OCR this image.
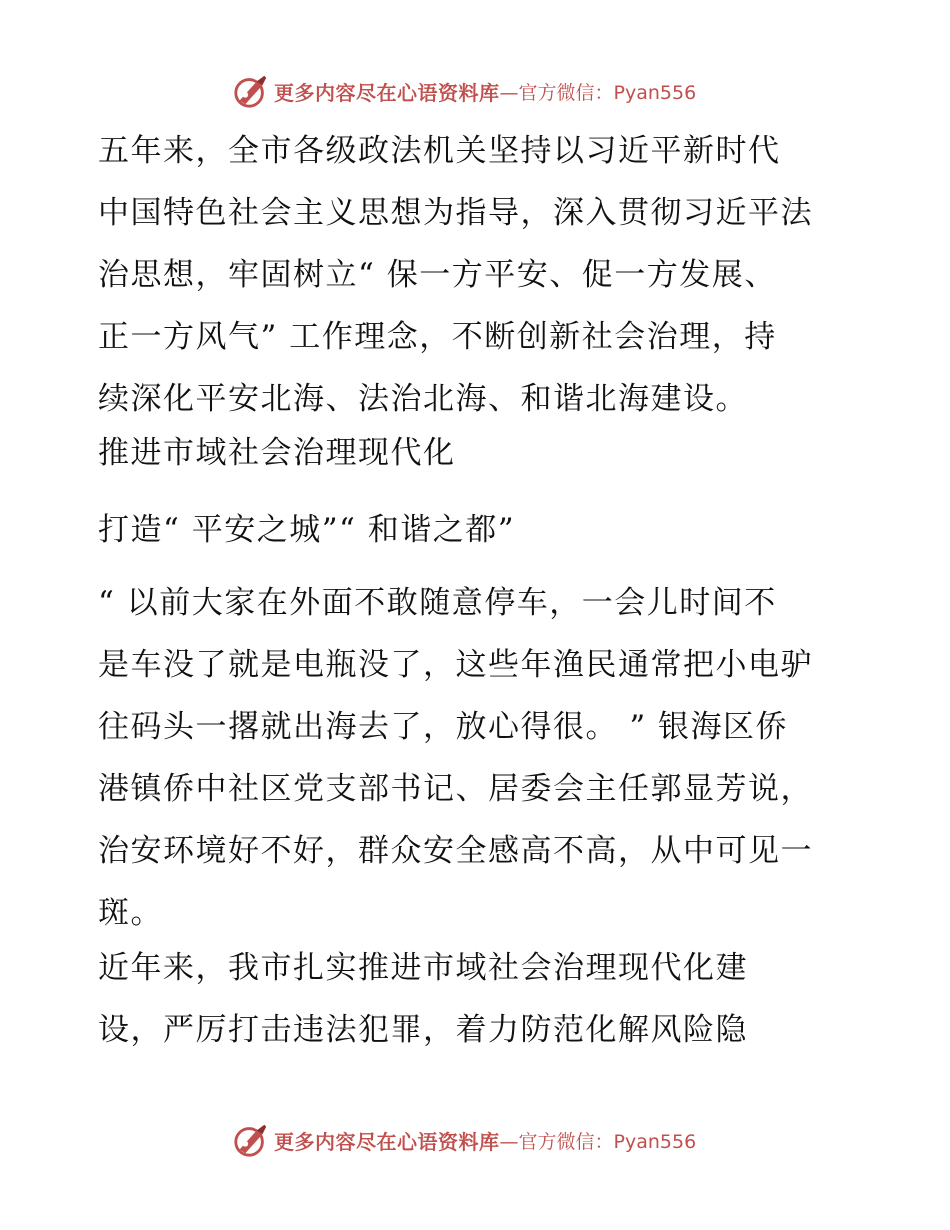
更多内容尽在心语资料库 —官方微信：Pyan556
五年来，全市各级政法机关坚持以习近平新时代
中国特色社会主义思想为指导，深入贯彻习近平法
治思想，牢固树立“ 保一方平安、促一方发展、
正一方风气” 工作理念，不断创新社会治理，持
续深化平安北海、法治北海、和谐北海建设。
推进市域社会治理现代化
打造“ 平安之城”“ 和谐之都”
“ 以前大家在外面不敢随意停车，一会儿时间不
是车没了就是电瓶没了，这些年渔民通常把小电驴
往码头一撂就出海去了，放心得很。 ” 银海区侨
港镇侨中社区党支部书记、居委会主任郭显芳说，
治安环境好不好，群众安全感高不高，从中可见一
斑。
近年来，我市扎实推进市域社会治理现代化建
设，严厉打击违法犯罪，着力防范化解风险隐
更多内容尽在心语资料库 —官方微信：Pyan556
